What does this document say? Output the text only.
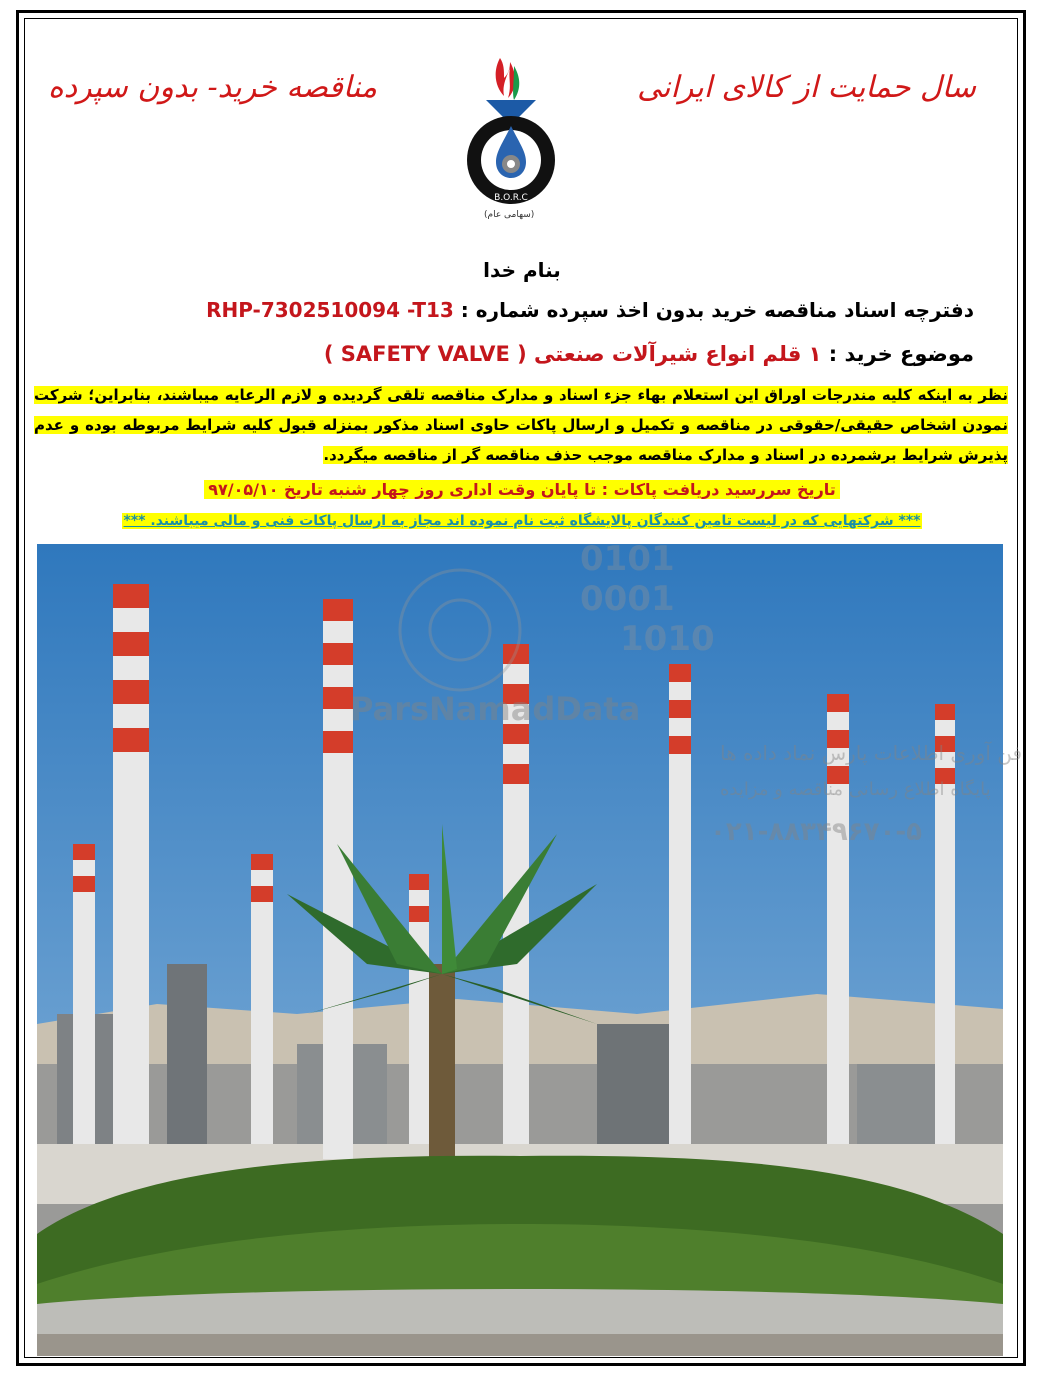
مناقصه خرید- بدون سپرده	سال حمایت از کالای ایرانی
B.O.R.C
(سهامی عام)
بنام خدا
دفترچه اسناد مناقصه خرید بدون اخذ سپرده شماره : RHP-7302510094 -T13
موضوع خرید : ۱ قلم انواع شیرآلات صنعتی ( SAFETY VALVE )
نظر به اینکه کلیه مندرجات اوراق این استعلام بهاء جزء اسناد و مدارک مناقصه تلقی گردیده و لازم الرعایه میباشند، بنابراین؛ شرکت نمودن اشخاص حقیقی/حقوقی در مناقصه و تکمیل و ارسال پاکات حاوی اسناد مذکور بمنزله قبول کلیه شرایط مربوطه بوده و عدم پذیرش شرایط برشمرده در اسناد و مدارک مناقصه موجب حذف مناقصه گر از مناقصه میگردد.
تاریخ سررسید دریافت پاکات : تا پایان وقت اداری روز چهار شنبه تاریخ ۹۷/۰۵/۱۰
*** شرکتهایی که در لیست تامین کنندگان پالایشگاه ثبت نام نموده اند مجاز به ارسال پاکات فنی و مالی میباشند. ***
0101
0001
1010
ParsNamadData
فن آوری اطلاعات پارس نماد داده ها
پایگاه اطلاع رسانی مناقصه و مزایده
۰۲۱-۸۸۳۴۹۶۷۰-۵
